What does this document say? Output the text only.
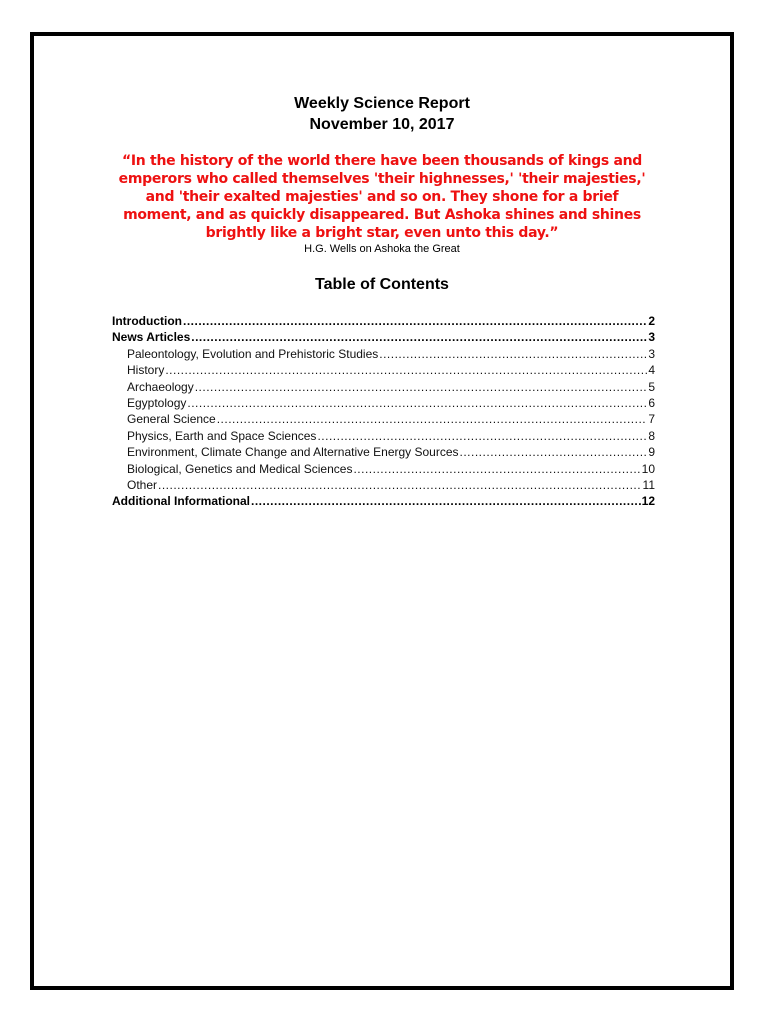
Weekly Science Report
November 10, 2017
“In the history of the world there have been thousands of kings and emperors who called themselves 'their highnesses,' 'their majesties,' and 'their exalted majesties' and so on. They shone for a brief moment, and as quickly disappeared. But Ashoka shines and shines brightly like a bright star, even unto this day.”
H.G. Wells on Ashoka the Great
Table of Contents
Introduction .....	2
News Articles .....	3
Paleontology, Evolution and Prehistoric Studies .....	3
History .....	4
Archaeology .....	5
Egyptology .....	6
General Science .....	7
Physics, Earth and Space Sciences .....	8
Environment, Climate Change and Alternative Energy Sources .....	9
Biological, Genetics and Medical Sciences .....	10
Other .....	11
Additional Informational .....	12
